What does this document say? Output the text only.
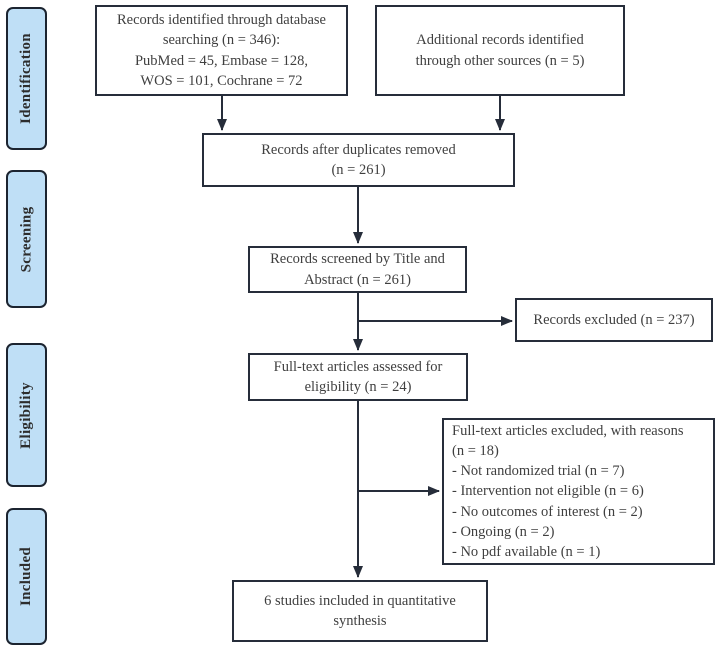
Identification
Screening
Eligibility
Included
Records identified through database
searching (n = 346):
PubMed = 45, Embase = 128,
WOS = 101, Cochrane = 72
Additional records identified
through other sources (n = 5)
Records after duplicates removed
(n = 261)
Records screened by Title and
Abstract (n = 261)
Records excluded (n = 237)
Full-text articles assessed for
eligibility (n = 24)
Full-text articles excluded, with reasons
(n = 18)
- Not randomized trial (n = 7)
- Intervention not eligible (n = 6)
- No outcomes of interest (n = 2)
- Ongoing (n = 2)
- No pdf available (n = 1)
6 studies included in quantitative
synthesis
